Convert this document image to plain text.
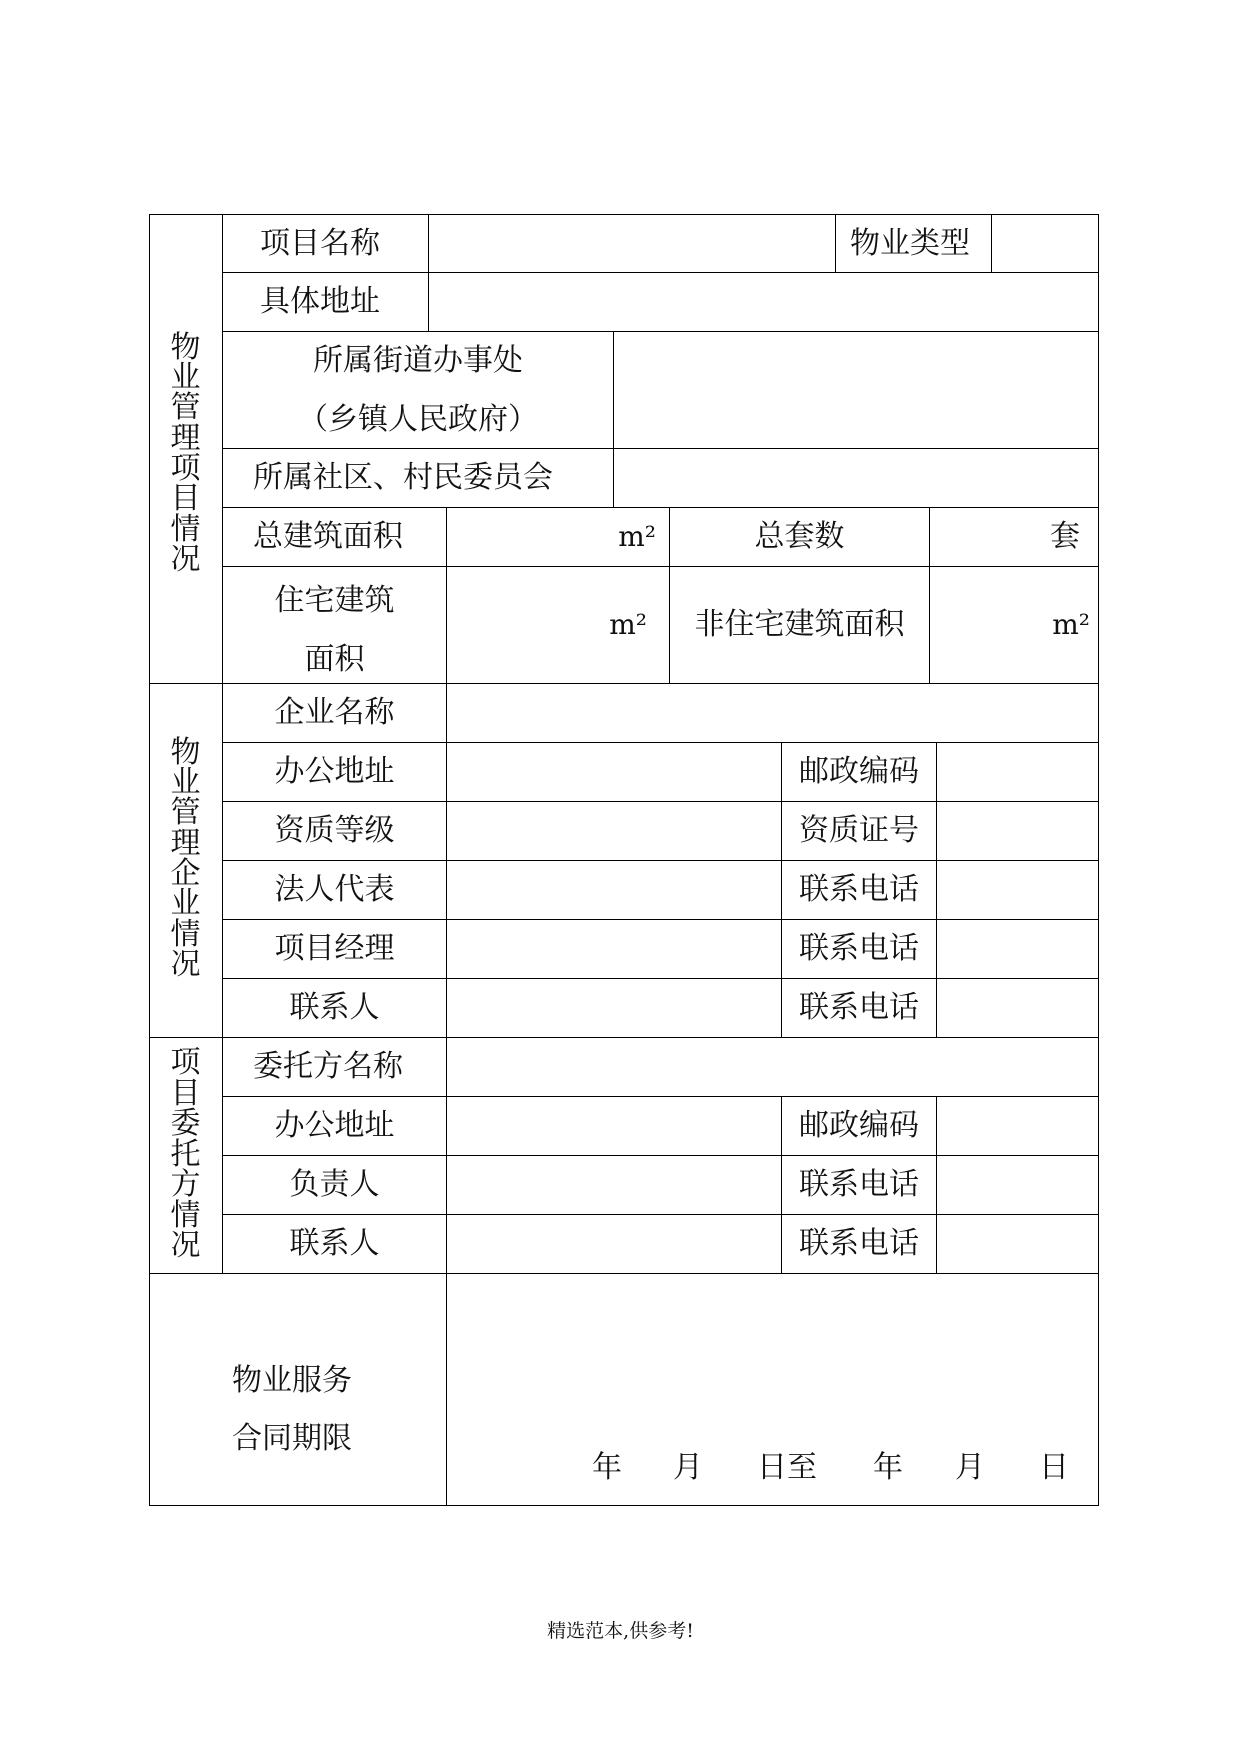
物
业
管
理
项
目
情
况
项目名称	物业类型
具体地址
所属街道办事处
（乡镇人民政府）
所属社区、村民委员会
总建筑面积	m²	总套数	套
住宅建筑
面积
m²	非住宅建筑面积	m²
物
业
管
理
企
业
情
况
企业名称
办公地址	邮政编码
资质等级	资质证号
法人代表	联系电话
项目经理	联系电话
联系人	联系电话
项
目
委
托
方
情
况
委托方名称
办公地址	邮政编码
负责人	联系电话
联系人	联系电话
物业服务
合同期限
年 月 日至 年 月 日
精选范本,供参考!
